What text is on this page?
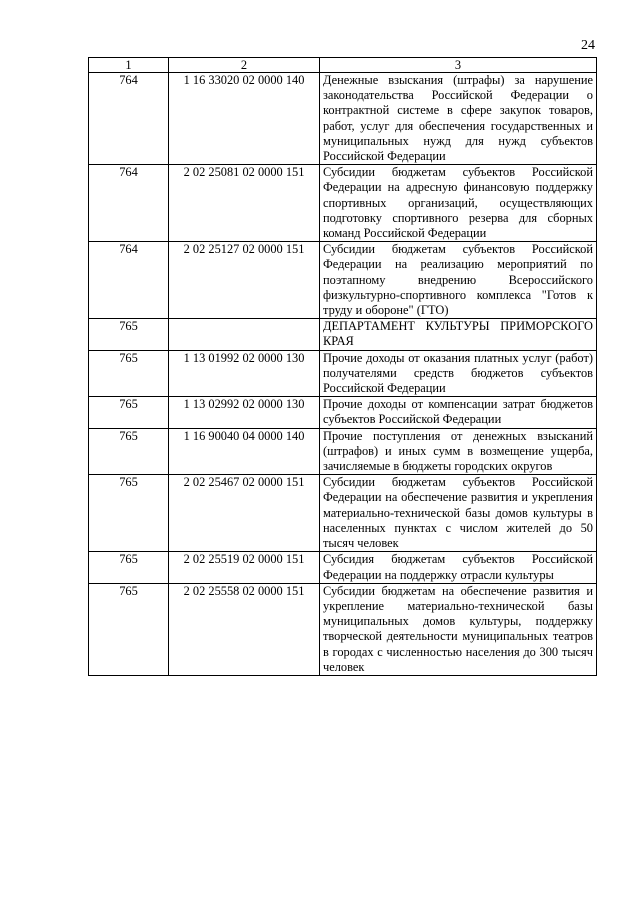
24
1	2	3
764	1 16 33020 02 0000 140	Денежные взыскания (штрафы) за нарушение законодательства Российской Федерации о контрактной системе в сфере закупок товаров, работ, услуг для обеспечения государственных и муниципальных нужд для нужд субъектов Российской Федерации
764	2 02 25081 02 0000 151	Субсидии бюджетам субъектов Российской Федерации на адресную финансовую поддержку спортивных организаций, осуществляющих подготовку спортивного резерва для сборных команд Российской Федерации
764	2 02 25127 02 0000 151	Субсидии бюджетам субъектов Российской Федерации на реализацию мероприятий по поэтапному внедрению Всероссийского физкультурно-спортивного комплекса "Готов к труду и обороне" (ГТО)
765		ДЕПАРТАМЕНТ КУЛЬТУРЫ ПРИМОРСКОГО КРАЯ
765	1 13 01992 02 0000 130	Прочие доходы от оказания платных услуг (работ) получателями средств бюджетов субъектов Российской Федерации
765	1 13 02992 02 0000 130	Прочие доходы от компенсации затрат бюджетов субъектов Российской Федерации
765	1 16 90040 04 0000 140	Прочие поступления от денежных взысканий (штрафов) и иных сумм в возмещение ущерба, зачисляемые в бюджеты городских округов
765	2 02 25467 02 0000 151	Субсидии бюджетам субъектов Российской Федерации на обеспечение развития и укрепления материально-технической базы домов культуры в населенных пунктах с числом жителей до 50 тысяч человек
765	2 02 25519 02 0000 151	Субсидия бюджетам субъектов Российской Федерации на поддержку отрасли культуры
765	2 02 25558 02 0000 151	Субсидии бюджетам на обеспечение развития и укрепление материально-технической базы муниципальных домов культуры, поддержку творческой деятельности муниципальных театров в городах с численностью населения до 300 тысяч человек
